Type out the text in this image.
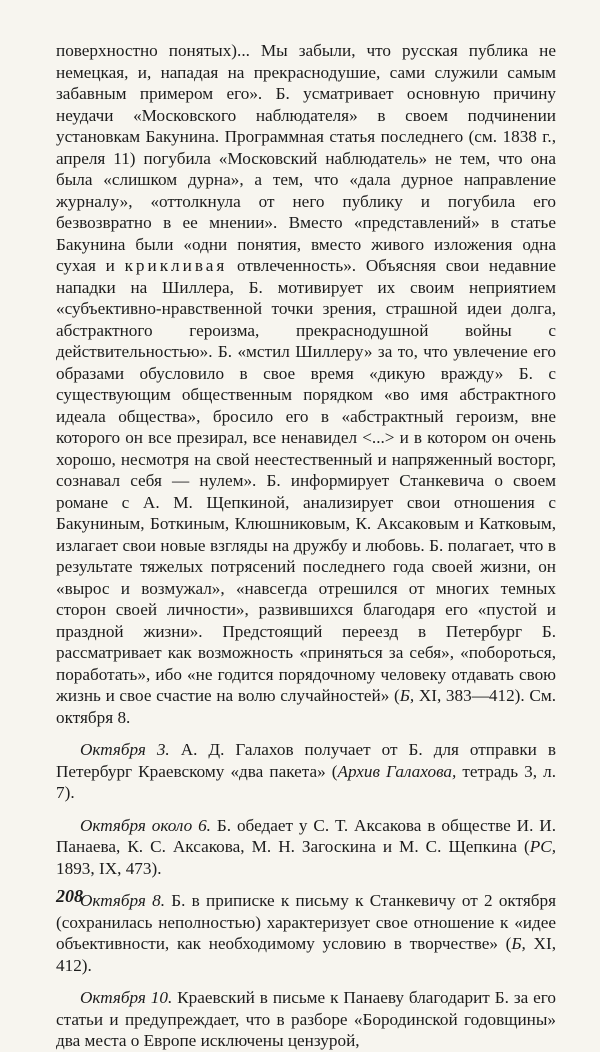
поверхностно понятых)... Мы забыли, что русская публика не немецкая, и, нападая на прекраснодушие, сами служили самым забавным примером его». Б. усматривает основную причину неудачи «Московского наблюдателя» в своем подчинении установкам Бакунина. Программная статья последнего (см. 1838 г., апреля 11) погубила «Московский наблюдатель» не тем, что она была «слишком дурна», а тем, что «дала дурное направление журналу», «оттолкнула от него публику и погубила его безвозвратно в ее мнении». Вместо «представлений» в статье Бакунина были «одни понятия, вместо живого изложения одна сухая и крикливая отвлеченность». Объясняя свои недавние нападки на Шиллера, Б. мотивирует их своим неприятием «субъективно-нравственной точки зрения, страшной идеи долга, абстрактного героизма, прекраснодушной войны с действительностью». Б. «мстил Шиллеру» за то, что увлечение его образами обусловило в свое время «дикую вражду» Б. с существующим общественным порядком «во имя абстрактного идеала общества», бросило его в «абстрактный героизм, вне которого он все презирал, все ненавидел <...> и в котором он очень хорошо, несмотря на свой неестественный и напряженный восторг, сознавал себя — нулем». Б. информирует Станкевича о своем романе с А. М. Щепкиной, анализирует свои отношения с Бакуниным, Боткиным, Клюшниковым, К. Аксаковым и Катковым, излагает свои новые взгляды на дружбу и любовь. Б. полагает, что в результате тяжелых потрясений последнего года своей жизни, он «вырос и возмужал», «навсегда отрешился от многих темных сторон своей личности», развившихся благодаря его «пустой и праздной жизни». Предстоящий переезд в Петербург Б. рассматривает как возможность «приняться за себя», «побороться, поработать», ибо «не годится порядочному человеку отдавать свою жизнь и свое счастие на волю случайностей» (Б, XI, 383—412). См. октября 8.

Октября 3. А. Д. Галахов получает от Б. для отправки в Петербург Краевскому «два пакета» (Архив Галахова, тетрадь 3, л. 7).

Октября около 6. Б. обедает у С. Т. Аксакова в обществе И. И. Панаева, К. С. Аксакова, М. Н. Загоскина и М. С. Щепкина (РС, 1893, IX, 473).

Октября 8. Б. в приписке к письму к Станкевичу от 2 октября (сохранилась неполностью) характеризует свое отношение к «идее объективности, как необходимому условию в творчестве» (Б, XI, 412).

Октября 10. Краевский в письме к Панаеву благодарит Б. за его статьи и предупреждает, что в разборе «Бородинской годовщины» два места о Европе исключены цензурой,

208
